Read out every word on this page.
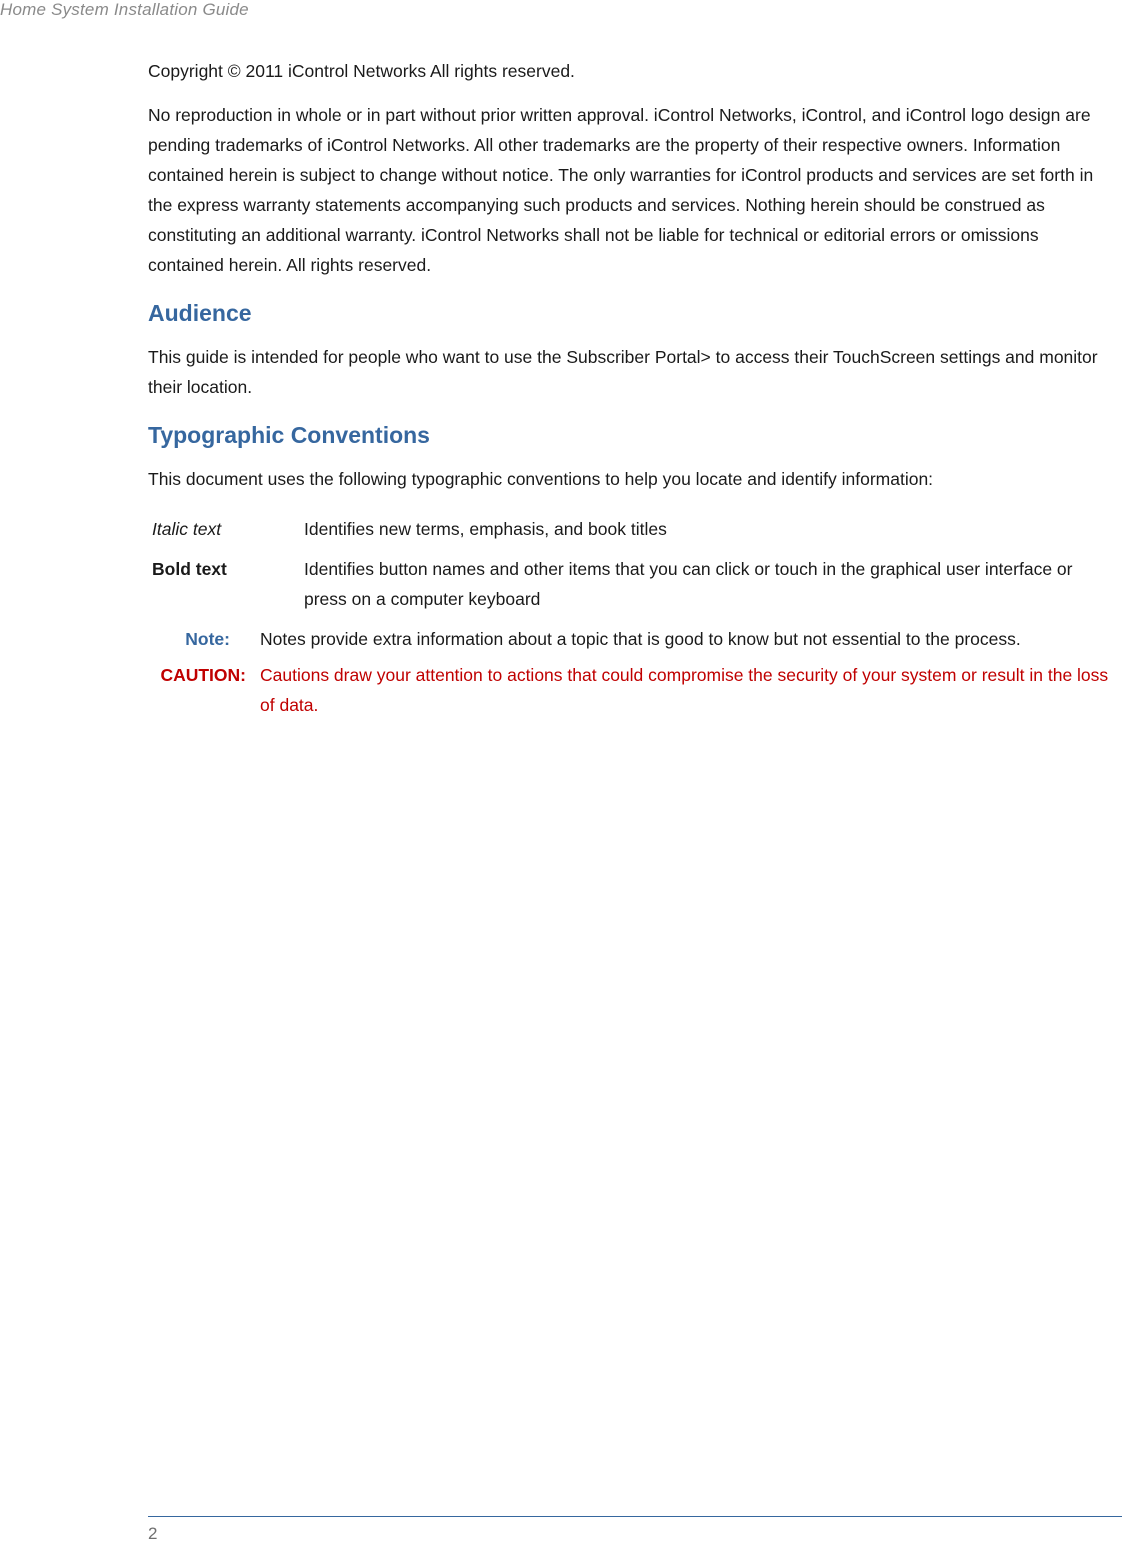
Home System Installation Guide

Copyright © 2011 iControl Networks All rights reserved.

No reproduction in whole or in part without prior written approval. iControl Networks, iControl, and iControl logo design are pending trademarks of iControl Networks. All other trademarks are the property of their respective owners. Information contained herein is subject to change without notice. The only warranties for iControl products and services are set forth in the express warranty statements accompanying such products and services. Nothing herein should be construed as constituting an additional warranty. iControl Networks shall not be liable for technical or editorial errors or omissions contained herein. All rights reserved.

Audience

This guide is intended for people who want to use the Subscriber Portal> to access their TouchScreen settings and monitor their location.

Typographic Conventions

This document uses the following typographic conventions to help you locate and identify information:

Italic text	Identifies new terms, emphasis, and book titles
Bold text	Identifies button names and other items that you can click or touch in the graphical user interface or press on a computer keyboard
Note:	Notes provide extra information about a topic that is good to know but not essential to the process.
CAUTION: Cautions draw your attention to actions that could compromise the security of your system or result in the loss of data.
2
